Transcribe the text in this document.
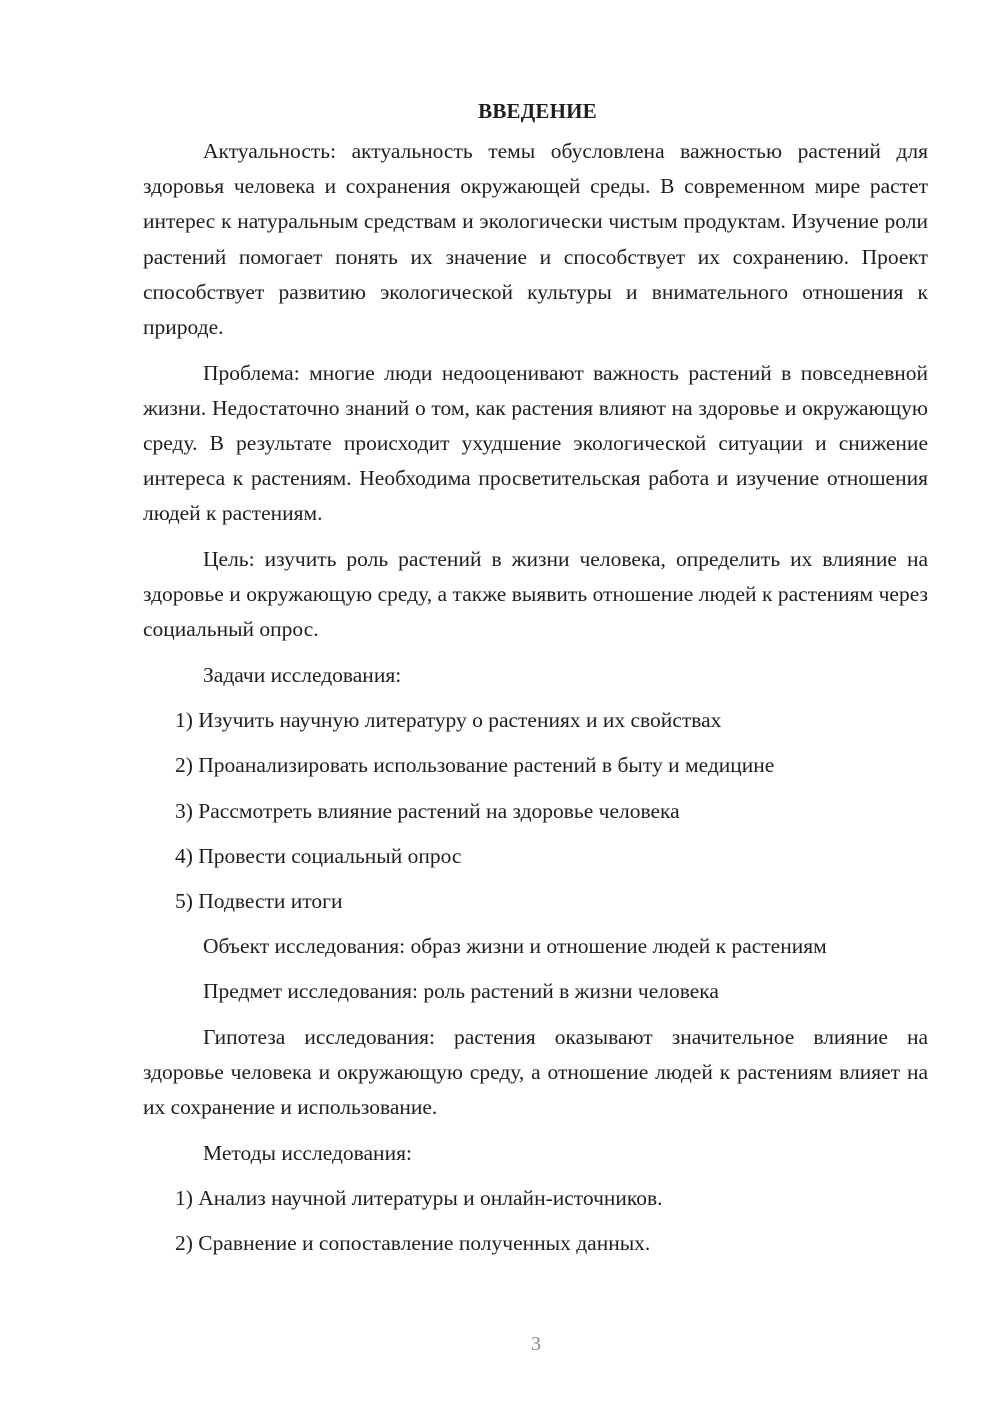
ВВЕДЕНИЕ

Актуальность: актуальность темы обусловлена важностью растений для здоровья человека и сохранения окружающей среды. В современном мире растет интерес к натуральным средствам и экологически чистым продуктам. Изучение роли растений помогает понять их значение и способствует их сохранению. Проект способствует развитию экологической культуры и внимательного отношения к природе.

Проблема: многие люди недооценивают важность растений в повседневной жизни. Недостаточно знаний о том, как растения влияют на здоровье и окружающую среду. В результате происходит ухудшение экологической ситуации и снижение интереса к растениям. Необходима просветительская работа и изучение отношения людей к растениям.

Цель: изучить роль растений в жизни человека, определить их влияние на здоровье и окружающую среду, а также выявить отношение людей к растениям через социальный опрос.

Задачи исследования:

1) Изучить научную литературу о растениях и их свойствах

2) Проанализировать использование растений в быту и медицине

3) Рассмотреть влияние растений на здоровье человека

4) Провести социальный опрос

5) Подвести итоги

Объект исследования: образ жизни и отношение людей к растениям

Предмет исследования: роль растений в жизни человека

Гипотеза исследования: растения оказывают значительное влияние на здоровье человека и окружающую среду, а отношение людей к растениям влияет на их сохранение и использование.

Методы исследования:

1) Анализ научной литературы и онлайн-источников.

2) Сравнение и сопоставление полученных данных.

3
